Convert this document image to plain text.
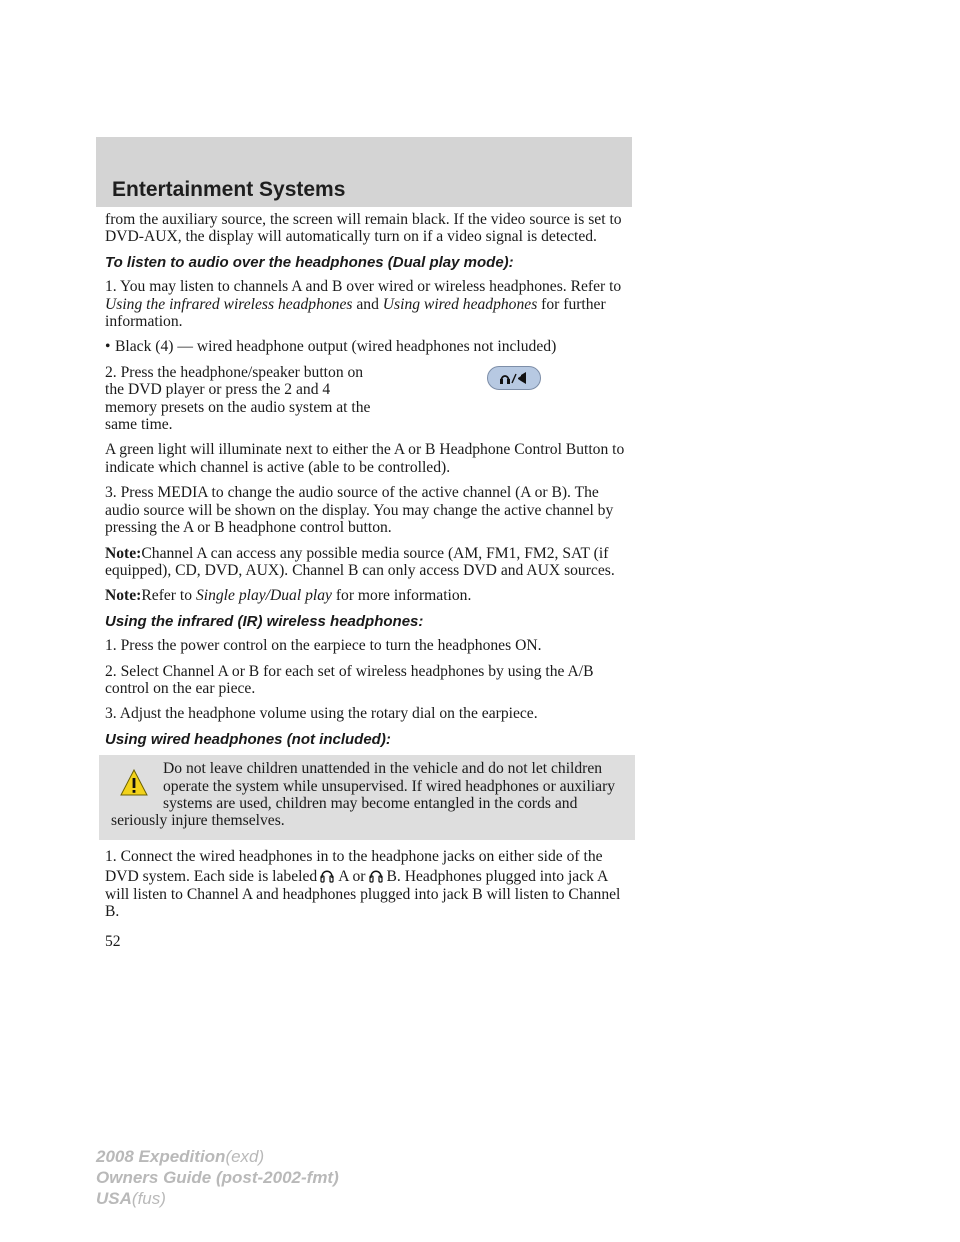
Entertainment Systems

from the auxiliary source, the screen will remain black. If the video source is set to DVD-AUX, the display will automatically turn on if a video signal is detected.

To listen to audio over the headphones (Dual play mode):

1. You may listen to channels A and B over wired or wireless headphones. Refer to Using the infrared wireless headphones and Using wired headphones for further information.

• Black (4) — wired headphone output (wired headphones not included)

2. Press the headphone/speaker button on the DVD player or press the 2 and 4 memory presets on the audio system at the same time.

A green light will illuminate next to either the A or B Headphone Control Button to indicate which channel is active (able to be controlled).

3. Press MEDIA to change the audio source of the active channel (A or B). The audio source will be shown on the display. You may change the active channel by pressing the A or B headphone control button.

Note:Channel A can access any possible media source (AM, FM1, FM2, SAT (if equipped), CD, DVD, AUX). Channel B can only access DVD and AUX sources.

Note:Refer to Single play/Dual play for more information.

Using the infrared (IR) wireless headphones:

1. Press the power control on the earpiece to turn the headphones ON.

2. Select Channel A or B for each set of wireless headphones by using the A/B control on the ear piece.

3. Adjust the headphone volume using the rotary dial on the earpiece.

Using wired headphones (not included):

Do not leave children unattended in the vehicle and do not let children operate the system while unsupervised. If wired headphones or auxiliary systems are used, children may become entangled in the cords and seriously injure themselves.

1. Connect the wired headphones in to the headphone jacks on either side of the DVD system. Each side is labeled A or B. Headphones plugged into jack A will listen to Channel A and headphones plugged into jack B will listen to Channel B.

52
2008 Expedition(exd)
Owners Guide (post-2002-fmt)
USA(fus)
